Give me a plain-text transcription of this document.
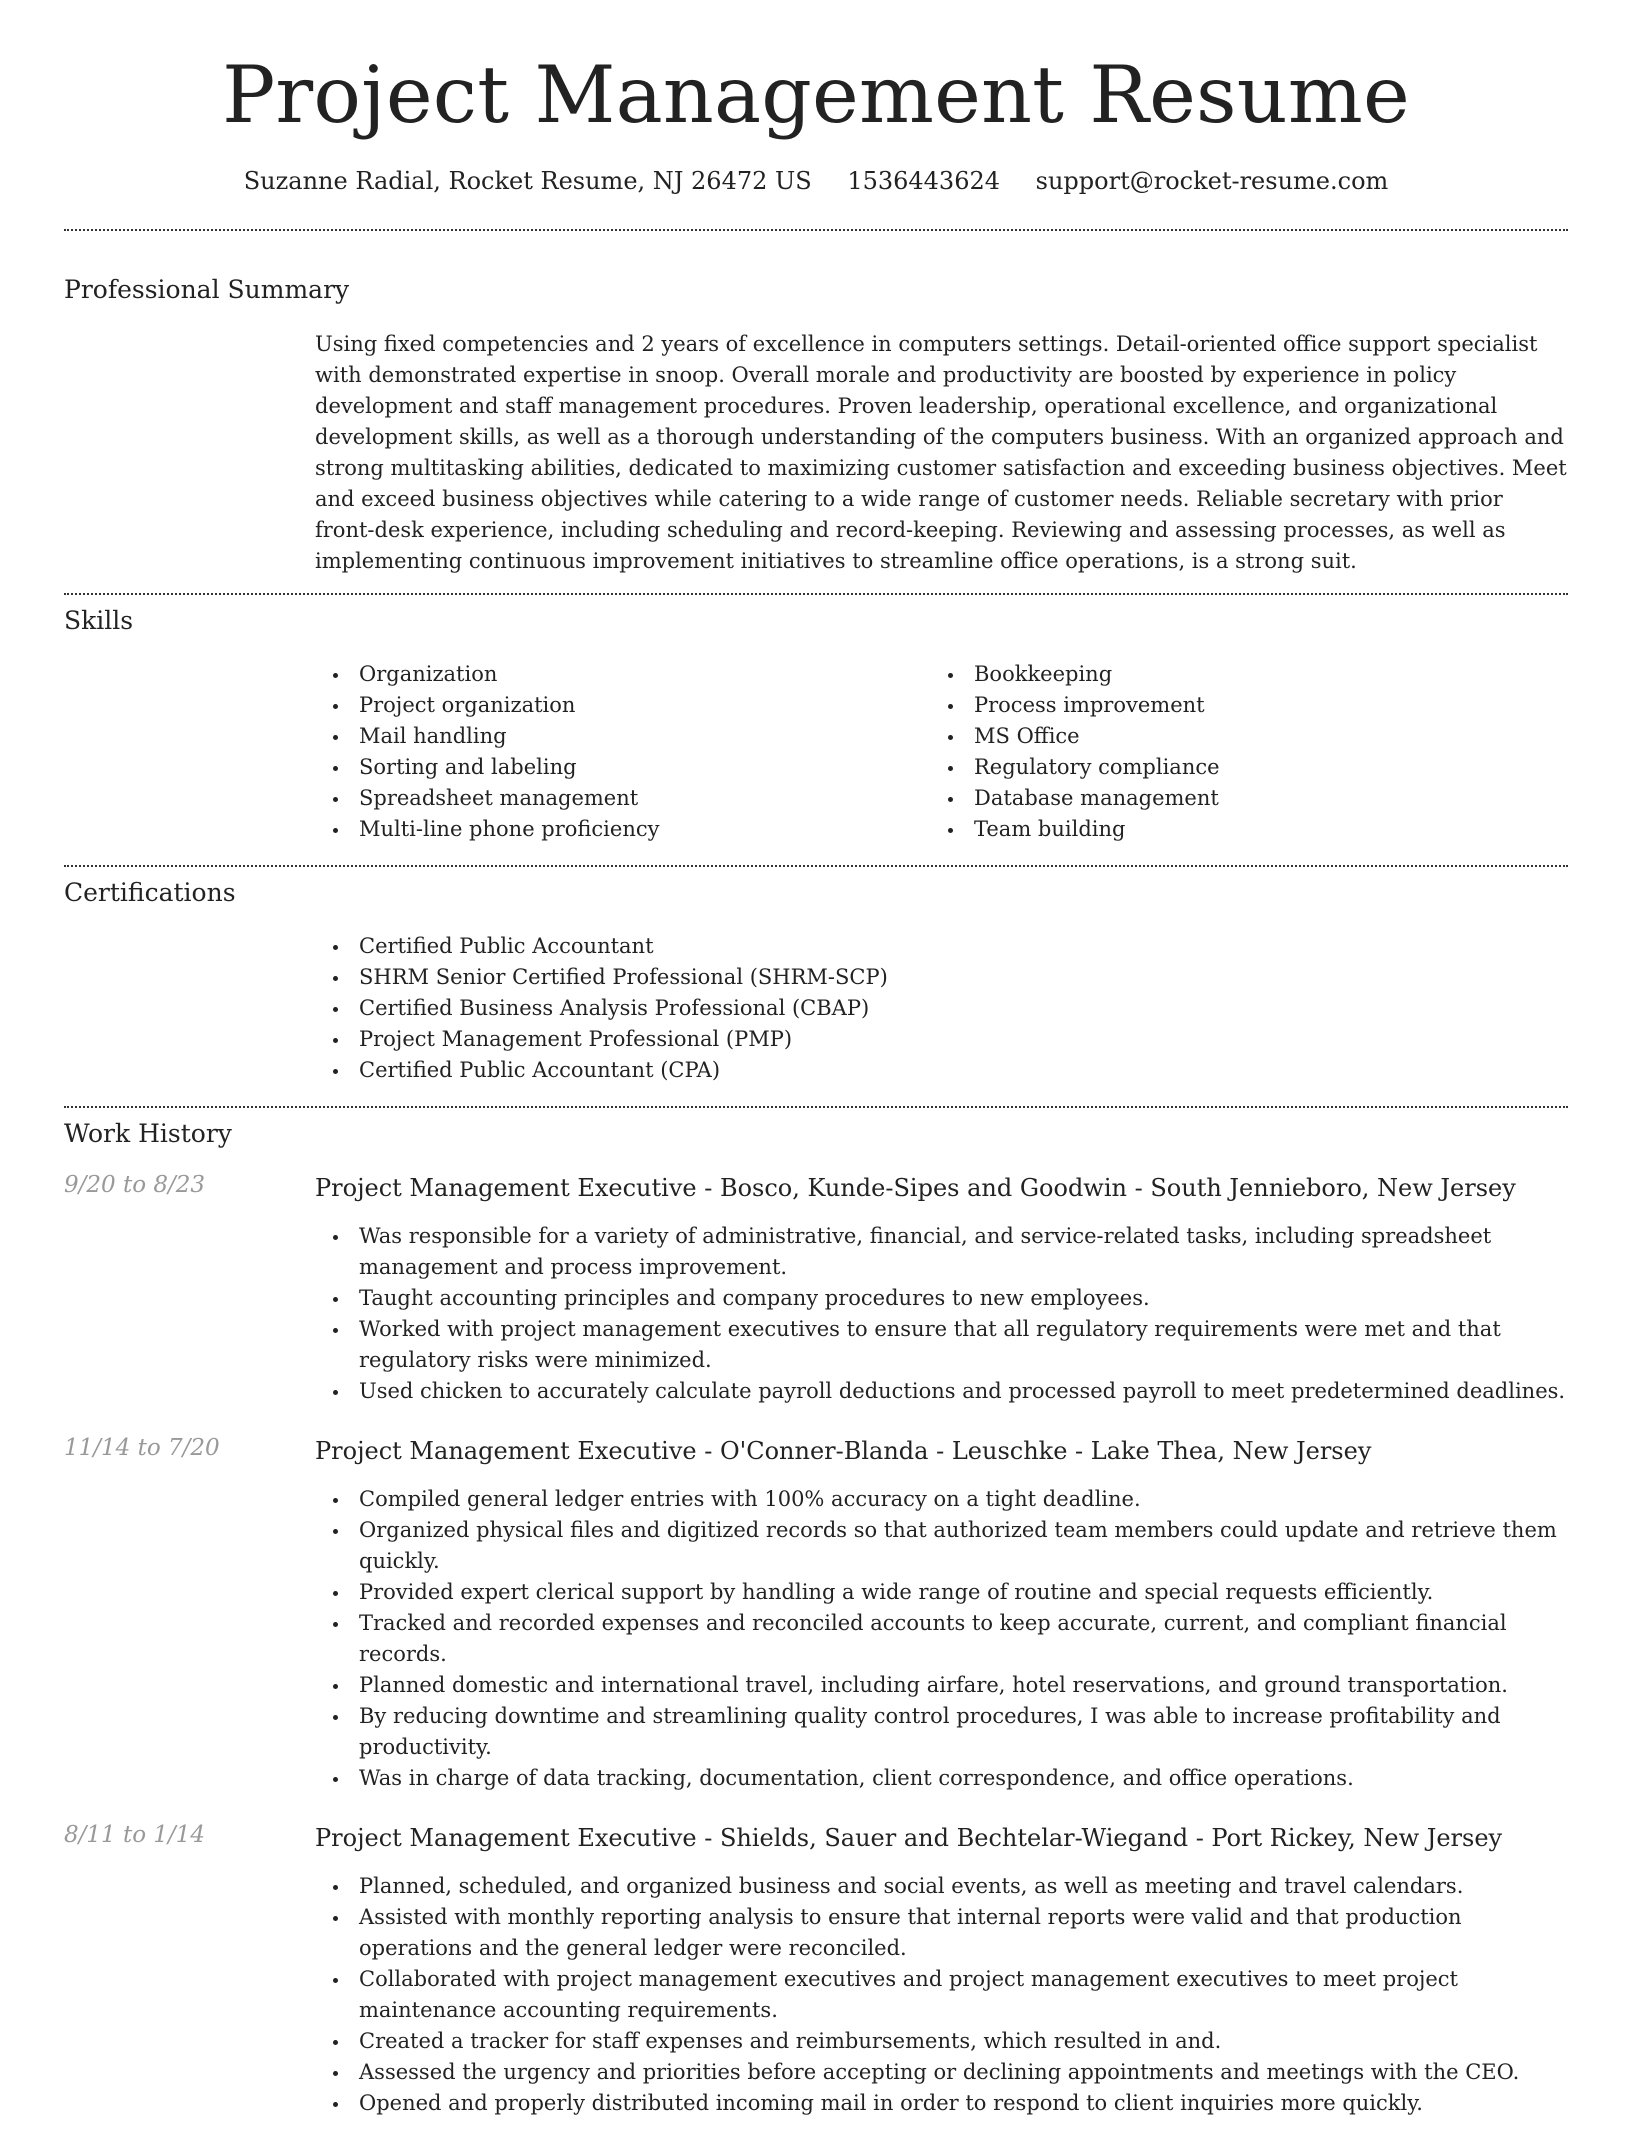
Project Management Resume
Suzanne Radial, Rocket Resume, NJ 26472 US 1536443624 support@rocket-resume.com
Professional Summary

Using fixed competencies and 2 years of excellence in computers settings. Detail-oriented office support specialist with demonstrated expertise in snoop. Overall morale and productivity are boosted by experience in policy development and staff management procedures. Proven leadership, operational excellence, and organizational development skills, as well as a thorough understanding of the computers business. With an organized approach and strong multitasking abilities, dedicated to maximizing customer satisfaction and exceeding business objectives. Meet and exceed business objectives while catering to a wide range of customer needs. Reliable secretary with prior front-desk experience, including scheduling and record-keeping. Reviewing and assessing processes, as well as implementing continuous improvement initiatives to streamline office operations, is a strong suit.

Skills
Organization
Project organization
Mail handling
Sorting and labeling
Spreadsheet management
Multi-line phone proficiency
Bookkeeping
Process improvement
MS Office
Regulatory compliance
Database management
Team building
Certifications
Certified Public Accountant
SHRM Senior Certified Professional (SHRM-SCP)
Certified Business Analysis Professional (CBAP)
Project Management Professional (PMP)
Certified Public Accountant (CPA)
Work History
9/20 to 8/23	Project Management Executive - Bosco, Kunde-Sipes and Goodwin - South Jennieboro, New Jersey
Was responsible for a variety of administrative, financial, and service-related tasks, including spreadsheet management and process improvement.
Taught accounting principles and company procedures to new employees.
Worked with project management executives to ensure that all regulatory requirements were met and that regulatory risks were minimized.
Used chicken to accurately calculate payroll deductions and processed payroll to meet predetermined deadlines.
11/14 to 7/20	Project Management Executive - O'Conner-Blanda - Leuschke - Lake Thea, New Jersey
Compiled general ledger entries with 100% accuracy on a tight deadline.
Organized physical files and digitized records so that authorized team members could update and retrieve them quickly.
Provided expert clerical support by handling a wide range of routine and special requests efficiently.
Tracked and recorded expenses and reconciled accounts to keep accurate, current, and compliant financial records.
Planned domestic and international travel, including airfare, hotel reservations, and ground transportation.
By reducing downtime and streamlining quality control procedures, I was able to increase profitability and productivity.
Was in charge of data tracking, documentation, client correspondence, and office operations.
8/11 to 1/14	Project Management Executive - Shields, Sauer and Bechtelar-Wiegand - Port Rickey, New Jersey
Planned, scheduled, and organized business and social events, as well as meeting and travel calendars.
Assisted with monthly reporting analysis to ensure that internal reports were valid and that production operations and the general ledger were reconciled.
Collaborated with project management executives and project management executives to meet project maintenance accounting requirements.
Created a tracker for staff expenses and reimbursements, which resulted in and.
Assessed the urgency and priorities before accepting or declining appointments and meetings with the CEO.
Opened and properly distributed incoming mail in order to respond to client inquiries more quickly.
